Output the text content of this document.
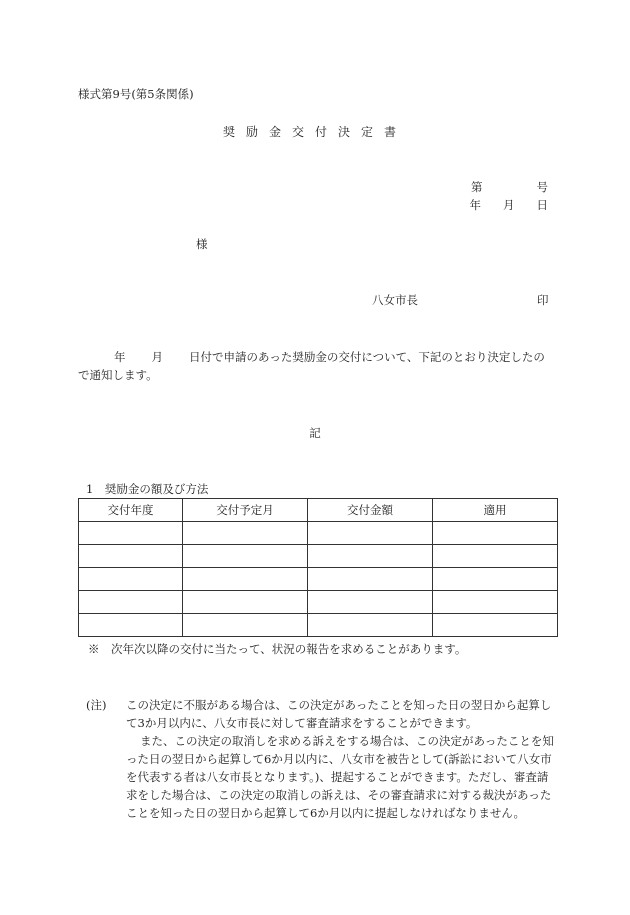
様式第9号(第5条関係)
奨励金交付決定書
第	号
年 月 日
様
八女市長	印
年 月 日付で申請のあった奨励金の交付について、下記のとおり決定したので通知します。
記
1　奨励金の額及び方法
交付年度	交付予定月	交付金額	適用

※　次年次以降の交付に当たって、状況の報告を求めることがあります。
(注)	この決定に不服がある場合は、この決定があったことを知った日の翌日から起算して3か月以内に、八女市長に対して審査請求をすることができます。

また、この決定の取消しを求める訴えをする場合は、この決定があったことを知った日の翌日から起算して6か月以内に、八女市を被告として(訴訟において八女市を代表する者は八女市長となります。)、提起することができます。ただし、審査請求をした場合は、この決定の取消しの訴えは、その審査請求に対する裁決があったことを知った日の翌日から起算して6か月以内に提起しなければなりません。
